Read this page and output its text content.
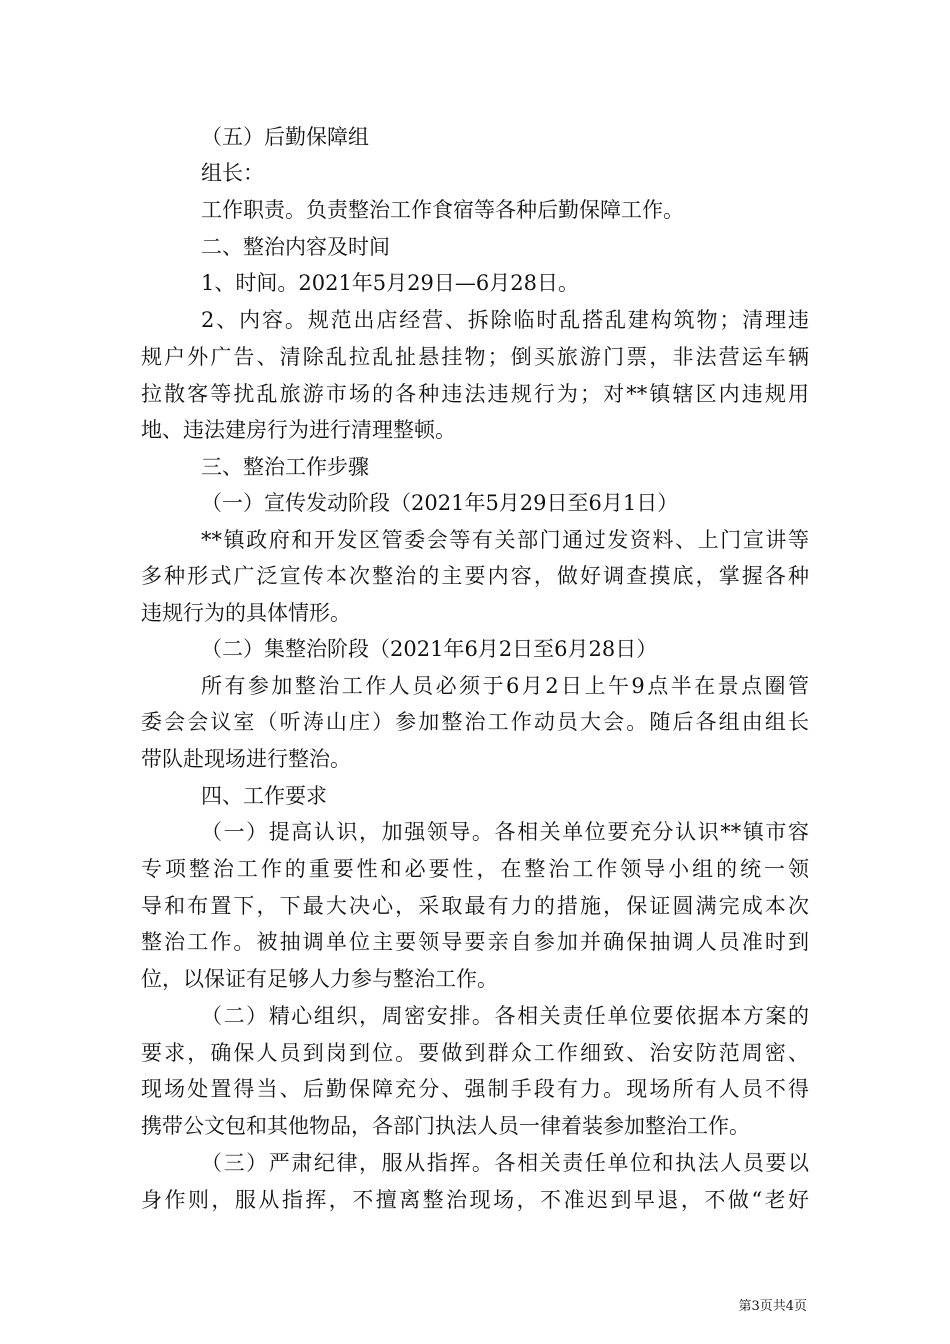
（五）后勤保障组
组长：
工作职责。负责整治工作食宿等各种后勤保障工作。
二、整治内容及时间
1、时间。2021年5月29日—6月28日。
2、内容。规范出店经营、拆除临时乱搭乱建构筑物；清理违
规户外广告、清除乱拉乱扯悬挂物；倒买旅游门票，非法营运车辆
拉散客等扰乱旅游市场的各种违法违规行为；对**镇辖区内违规用
地、违法建房行为进行清理整顿。
三、整治工作步骤
（一）宣传发动阶段（2021年5月29日至6月1日）
**镇政府和开发区管委会等有关部门通过发资料、上门宣讲等
多种形式广泛宣传本次整治的主要内容，做好调查摸底，掌握各种
违规行为的具体情形。
（二）集整治阶段（2021年6月2日至6月28日）
所有参加整治工作人员必须于6月2日上午9点半在景点圈管
委会会议室（听涛山庄）参加整治工作动员大会。随后各组由组长
带队赴现场进行整治。
四、工作要求
（一）提高认识，加强领导。各相关单位要充分认识**镇市容
专项整治工作的重要性和必要性，在整治工作领导小组的统一领
导和布置下，下最大决心，采取最有力的措施，保证圆满完成本次
整治工作。被抽调单位主要领导要亲自参加并确保抽调人员准时到
位，以保证有足够人力参与整治工作。
（二）精心组织，周密安排。各相关责任单位要依据本方案的
要求，确保人员到岗到位。要做到群众工作细致、治安防范周密、
现场处置得当、后勤保障充分、强制手段有力。现场所有人员不得
携带公文包和其他物品，各部门执法人员一律着装参加整治工作。
（三）严肃纪律，服从指挥。各相关责任单位和执法人员要以
身作则，服从指挥，不擅离整治现场，不准迟到早退，不做“老好
第3页共4页
